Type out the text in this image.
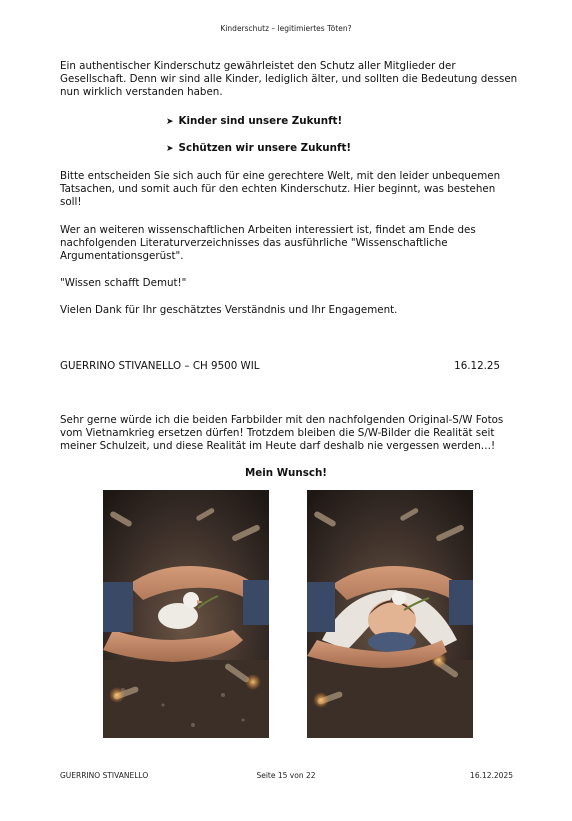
Kinderschutz – legitimiertes Töten?

Ein authentischer Kinderschutz gewährleistet den Schutz aller Mitglieder der Gesellschaft. Denn wir sind alle Kinder, lediglich älter, und sollten die Bedeutung dessen nun wirklich verstanden haben.

➤ Kinder sind unsere Zukunft!
➤ Schützen wir unsere Zukunft!

Bitte entscheiden Sie sich auch für eine gerechtere Welt, mit den leider unbequemen Tatsachen, und somit auch für den echten Kinderschutz. Hier beginnt, was bestehen soll!

Wer an weiteren wissenschaftlichen Arbeiten interessiert ist, findet am Ende des nachfolgenden Literaturverzeichnisses das ausführliche "Wissenschaftliche Argumentationsgerüst".

"Wissen schafft Demut!"

Vielen Dank für Ihr geschätztes Verständnis und Ihr Engagement.

GUERRINO STIVANELLO – CH 9500 WIL	16.12.25

Sehr gerne würde ich die beiden Farbbilder mit den nachfolgenden Original-S/W Fotos vom Vietnamkrieg ersetzen dürfen! Trotzdem bleiben die S/W-Bilder die Realität seit meiner Schulzeit, und diese Realität im Heute darf deshalb nie vergessen werden…!

Mein Wunsch!
GUERRINO STIVANELLO	Seite 15 von 22	16.12.2025
